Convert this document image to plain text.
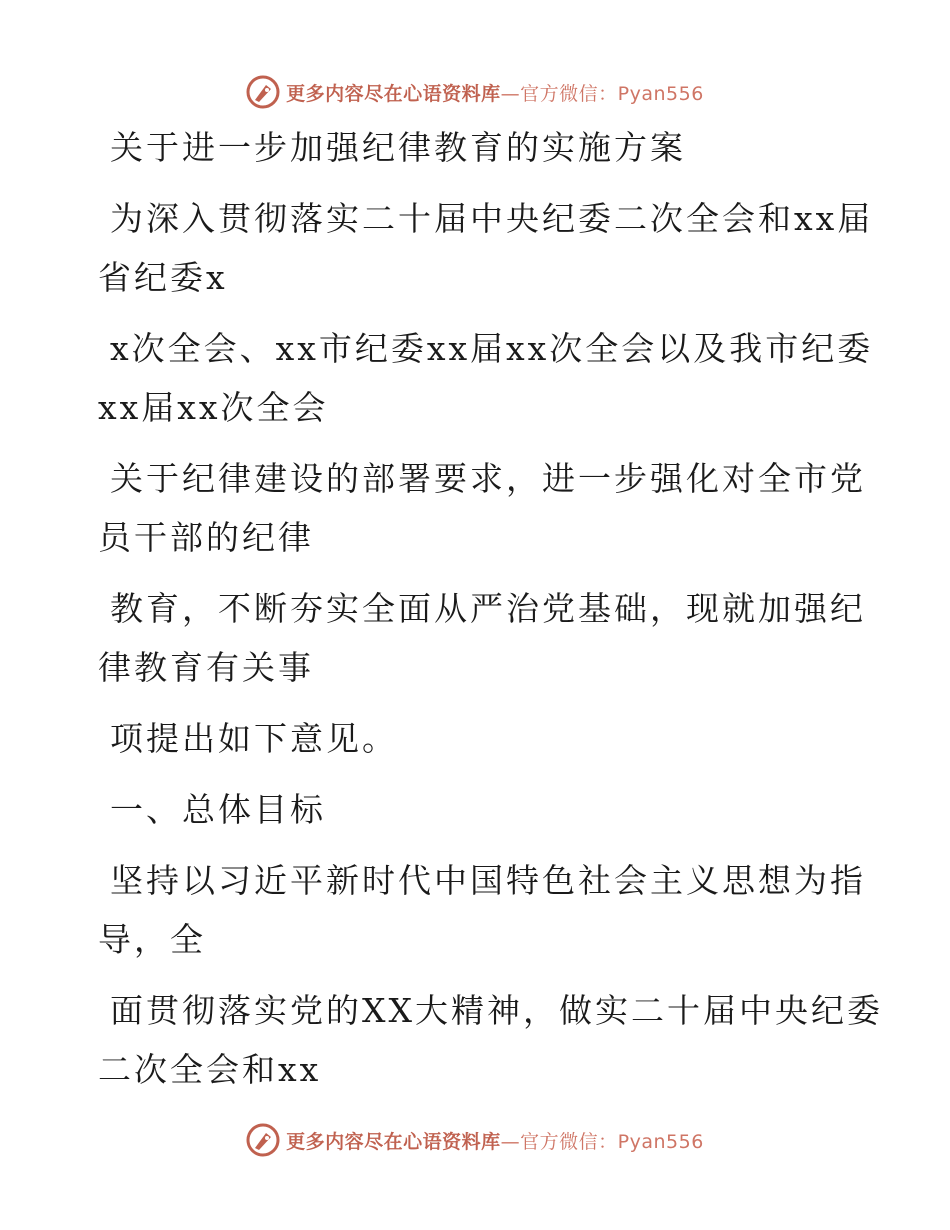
更多内容尽在心语资料库—官方微信：Pyan556

关于进一步加强纪律教育的实施方案

为深入贯彻落实二十届中央纪委二次全会和xx届

省纪委x

x次全会、xx市纪委xx届xx次全会以及我市纪委

xx届xx次全会

关于纪律建设的部署要求，进一步强化对全市党

员干部的纪律

教育，不断夯实全面从严治党基础，现就加强纪

律教育有关事

项提出如下意见。

一、总体目标

坚持以习近平新时代中国特色社会主义思想为指

导，全

面贯彻落实党的XX大精神，做实二十届中央纪委

二次全会和xx

更多内容尽在心语资料库—官方微信：Pyan556
